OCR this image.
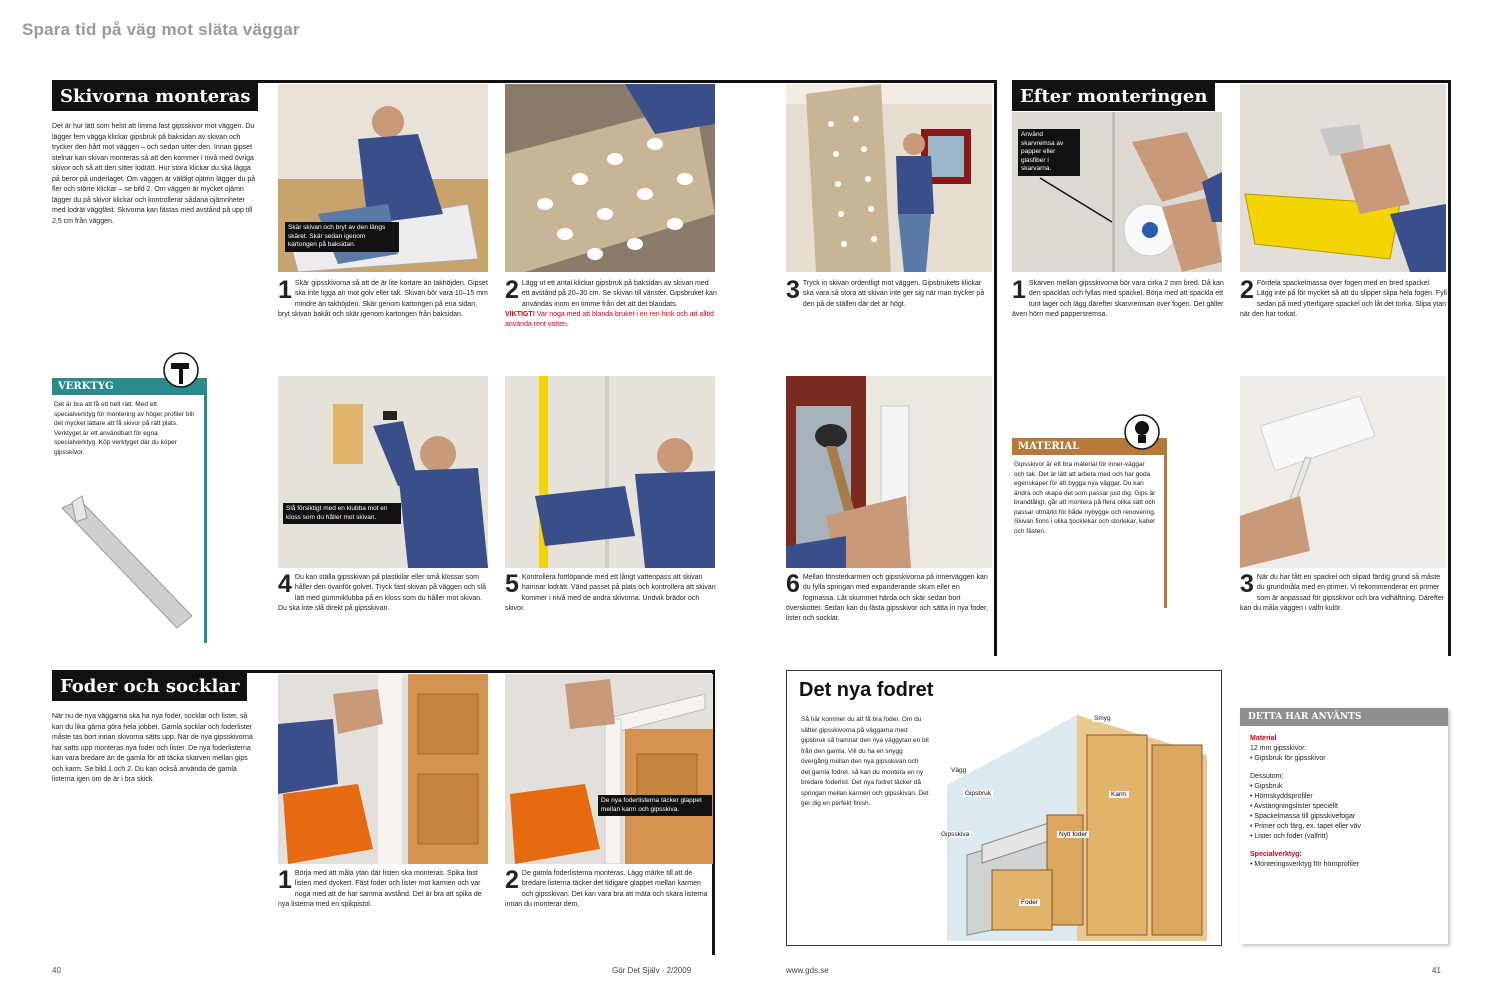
Spara tid på väg mot släta väggar
Skivorna monteras
Det är hur lätt som helst att limma fast gipsskivor mot väggen. Du lägger fem vägga klickar gipsbruk på baksidan av skivan och trycker den hårt mot väggen – och sedan sitter den. Innan gipset stelnar kan skivan monteras så att den kommer i nivå med övriga skivor och så att den sitter lodrätt. Hur stora klickar du ska lägga på beror på underlaget. Om väggen är väldigt ojämn lägger du på fler och större klickar – se bild 2. Om väggen är mycket ojämn lägger du på skivor klickar och kontrollerar sådana ojämnheter med lodrät väggfäst. Skivorna kan fästas med avstånd på upp till 2,5 cm från väggen.
VERKTYG
Det är bra att få ett helt rätt. Med ett specialverktyg för montering av höger profiler blir det mycket lättare att få skivor på rätt plats. Verktyget är ett användbart för egna specialverktyg. Köp verktyget där du köper gipsskivor.
Skär skivan och bryt av den längs skäret. Skär sedan igenom kartongen på baksidan.
1 Skär gipsskivorna så att de är lite kortare än takhöjden. Gipset ska inte ligga an mot golv eller tak. Skivan bör vara 10–15 mm mindre än takhöjden. Skär genom kartongen på ena sidan, bryt skivan bakåt och skär igenom kartongen från baksidan.
2 Lägg ut ett antal klickar gipsbruk på baksidan av skivan med ett avstånd på 20–30 cm. Se skivan till vänster. Gipsbruket kan användas inom en timme från det att det blandats.
VIKTIGT! Var noga med att blanda bruket i en ren hink och att alltid använda rent vatten.
3 Tryck in skivan ordentligt mot väggen. Gipsbrukets klickar ska vara så stora att skivan inte ger sig när man trycker på den på de ställen där det är högt.
Slå försiktigt med en klubba mot en kloss som du håller mot skivan.
4 Du kan ställa gipsskivan på plastkilar eller små klossar som håller den ovanför golvet. Tryck fast skivan på väggen och slå lätt med gummiklubba på en kloss som du håller mot skivan. Du ska inte slå direkt på gipsskivan.
5 Kontrollera fortlöpande med ett långt vattenpass att skivan hamnar lodrätt. Vänd passet på plats och kontrollera att skivan kommer i nivå med de andra skivorna. Undvik brädor och skivor.
6 Mellan fönsterkarmen och gipsskivorna på innerväggen kan du fylla springan med expanderande skum eller en fogmassa. Låt skummet härda och skär sedan bort överskottet. Sedan kan du fästa gipsskivor och sätta in nya foder, lister och socklar.
Efter monteringen
Använd skarvremsa av papper eller glasfiber i skarvarna.
1 Skarven mellan gipsskivorna bör vara cirka 2 mm bred. Då kan den spacklas och fyllas med spackel. Börja med att spackla ett tunt lager och lägg därefter skarvremsan över fogen. Det gäller även hörn med pappersremsa.
2 Fördela spackelmassa över fogen med en bred spackel. Lägg inte på för mycket så att du slipper slipa hela fogen. Fyll sedan på med ytterligare spackel och låt det torka. Slipa ytan när den har torkat.
MATERIAL
Gipsskivor är ett bra material för inner-väggar och tak. Det är lätt att arbeta med och har goda egenskaper för att bygga nya väggar. Du kan ändra och skapa det som passar just dig. Gips är brandtåligt, går att montera på flera olika sätt och passar utmärkt för både nybygge och renovering. Skivan finns i olika tjocklekar och storlekar, kabel och fästen.
3 När du har fått en spackel och slipad färdig grund så måste du grundmåla med en primer. Vi rekommenderar en primer som är anpassad för gipsskivor och bra vidhäftning. Därefter kan du måla väggen i valfri kulör.
Foder och socklar
När nu de nya väggarna ska ha nya foder, socklar och lister, så kan du lika gärna göra hela jobbet. Gamla socklar och foderlister måste tas bort innan skivorna sätts upp. När de nya gipsskivorna har satts upp monteras nya foder och lister. De nya foderlisterna kan vara bredare än de gamla för att täcka skarven mellan gips och karm. Se bild 1 och 2. Du kan också använda de gamla listerna igen om de är i bra skick.
De nya foderlisterna täcker glappet mellan karm och gipsskiva.
1 Börja med att måla ytan där listen ska monteras. Spika fast listen med dyckert. Fäst foder och lister mot karmen och var noga med att de har samma avstånd. Det är bra att spika de nya listerna med en spikpistol.
2 De gamla foderlisterna monteras. Lägg märke till att de bredare listerna täcker det tidigare glappet mellan karmen och gipsskivan. Det kan vara bra att mäta och skära listerna innan du monterar dem.
Det nya fodret
Så här kommer du att få bra foder. Om du sätter gipsskivorna på väggarna med gipsbruk så hamnar den nya väggytan en bit från den gamla. Vill du ha en snygg övergång mellan den nya gipsskivan och det gamla fodret, så kan du montera en ny bredare foderlist. Det nya fodret täcker då springan mellan karmen och gipsskivan. Det ger dig en perfekt finish.
Smyg
Vägg
Gipsbruk	Karm
Gipsskiva	Nytt foder
Foder
DETTA HAR ANVÄNTS
Material
12 mm gipsskivor:
• Gipsbruk för gipsskivor
Dessutom:
• Gipsbruk
• Hörnskyddsprofiler
• Avstängningslister speciellt
• Spackelmassa till gipsskivefogar
• Primer och färg, ex. tapet eller väv
• Lister och foder (valfritt)
Specialverktyg:
• Monteringsverktyg för hörnprofiler
40	Gör Det Själv · 2/2009	www.gds.se	41
